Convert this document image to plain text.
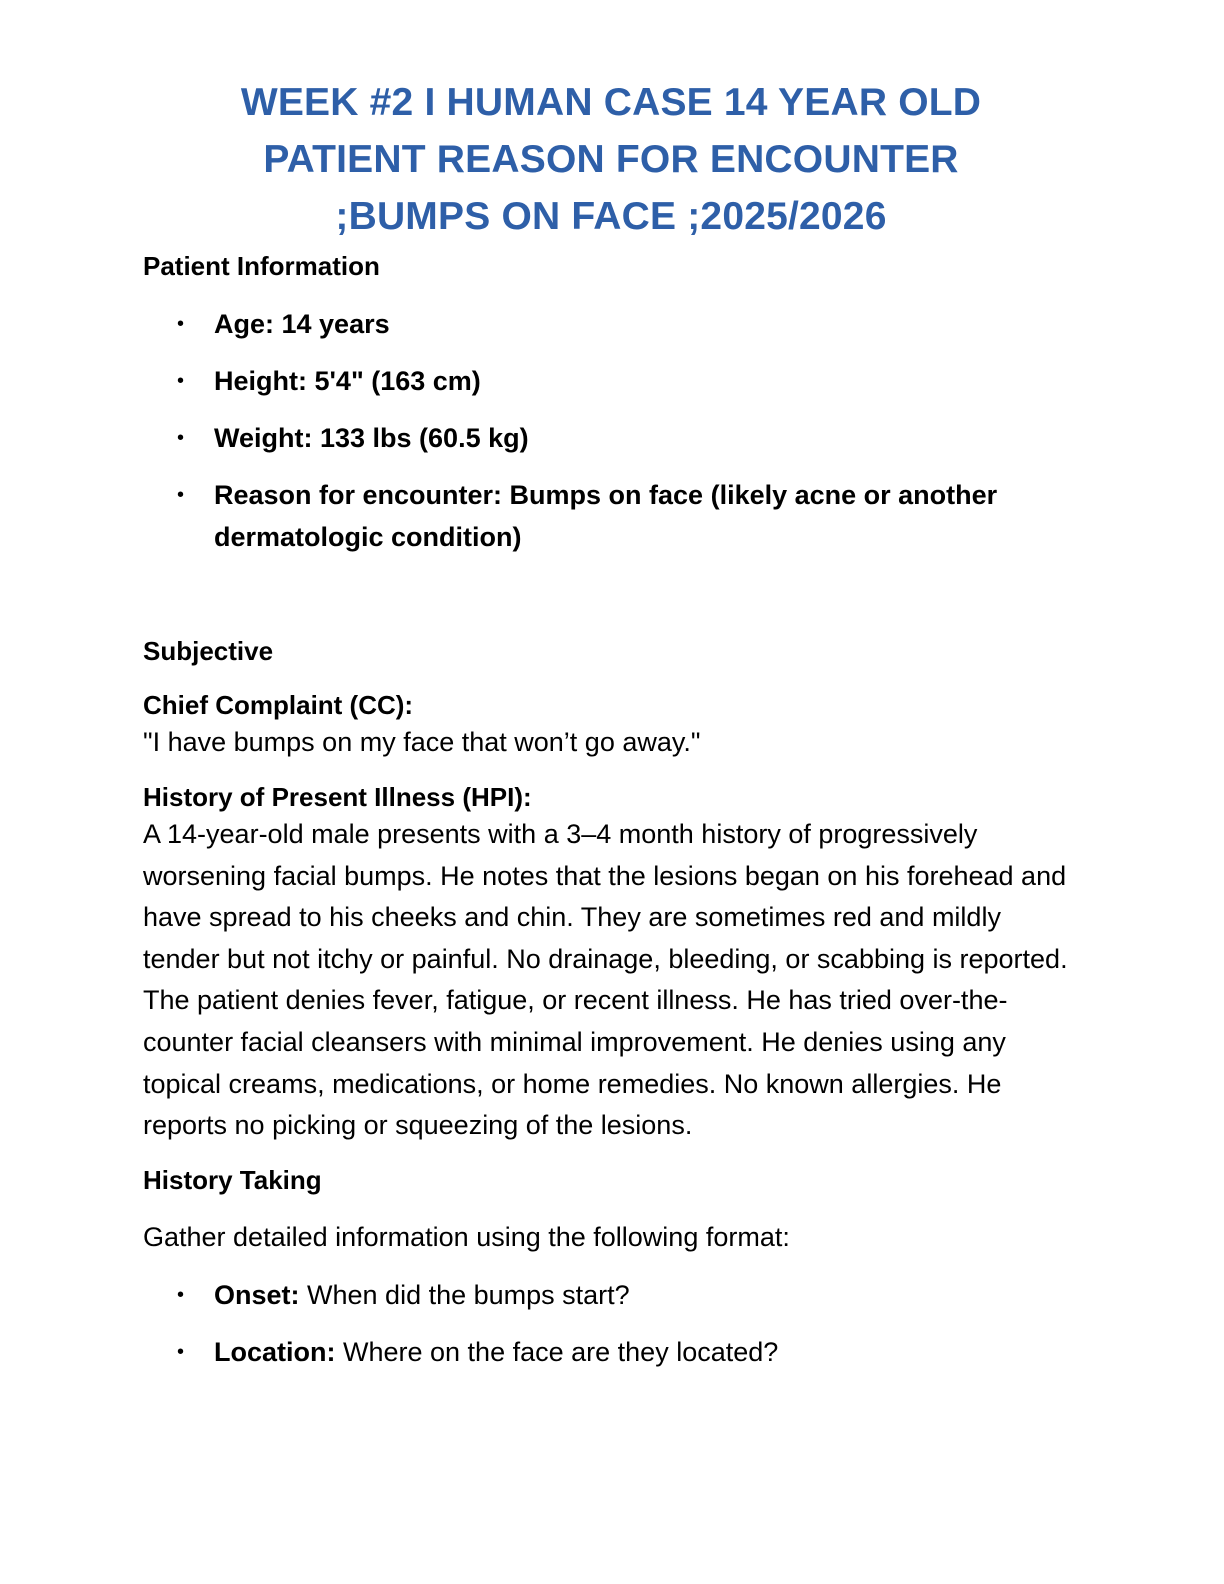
WEEK #2 I HUMAN CASE 14 YEAR OLD
PATIENT REASON FOR ENCOUNTER
;BUMPS ON FACE ;2025/2026

Patient Information

• Age: 14 years
• Height: 5'4" (163 cm)
• Weight: 133 lbs (60.5 kg)
• Reason for encounter: Bumps on face (likely acne or another dermatologic condition)

Subjective

Chief Complaint (CC):

"I have bumps on my face that won’t go away."

History of Present Illness (HPI):

A 14-year-old male presents with a 3–4 month history of progressively worsening facial bumps. He notes that the lesions began on his forehead and have spread to his cheeks and chin. They are sometimes red and mildly tender but not itchy or painful. No drainage, bleeding, or scabbing is reported. The patient denies fever, fatigue, or recent illness. He has tried over-the-counter facial cleansers with minimal improvement. He denies using any topical creams, medications, or home remedies. No known allergies. He reports no picking or squeezing of the lesions.

History Taking

Gather detailed information using the following format:

• Onset: When did the bumps start?
• Location: Where on the face are they located?
